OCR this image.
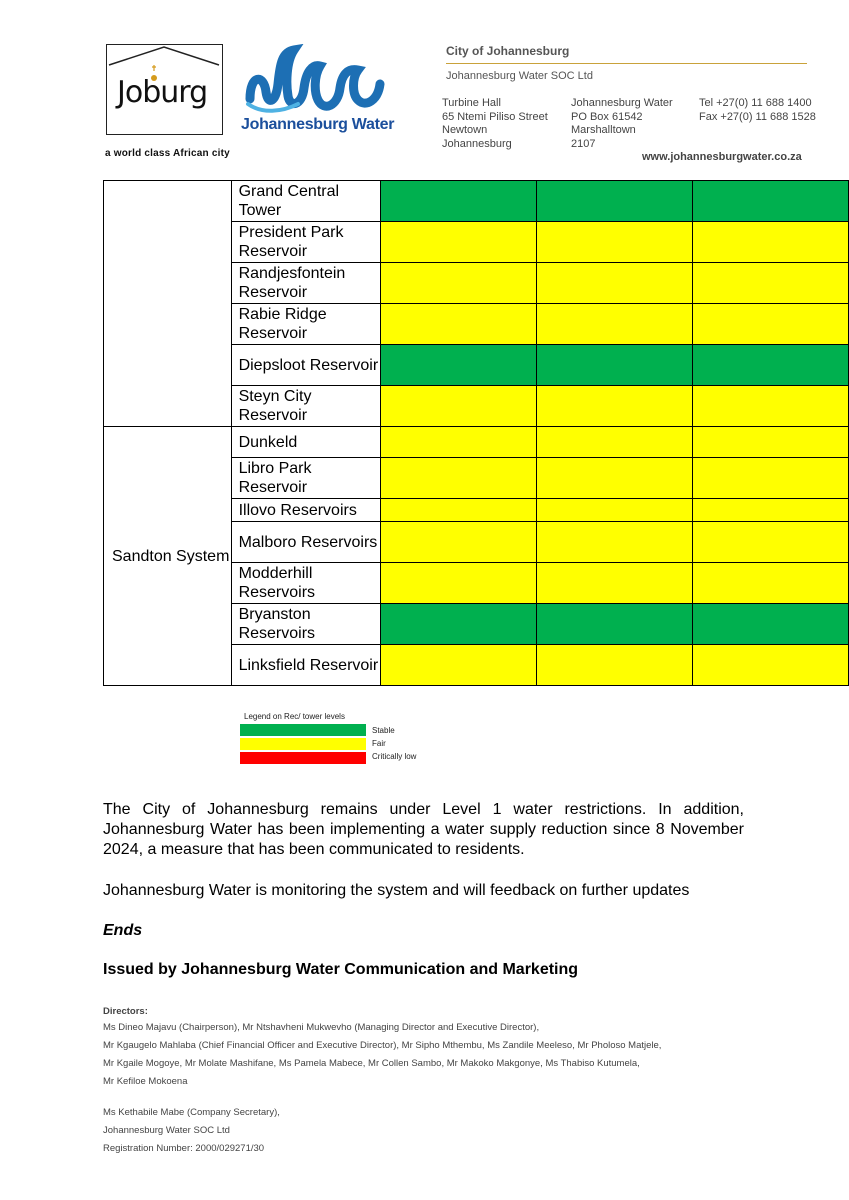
Joburg
a world class African city
Johannesburg Water
City of Johannesburg
Johannesburg Water SOC Ltd
Turbine Hall
65 Ntemi Piliso Street
Newtown
Johannesburg
Johannesburg Water
PO Box 61542
Marshalltown
2107
Tel +27(0) 11 688 1400
Fax +27(0) 11 688 1528
www.johannesburgwater.co.za
	Grand Central Tower			
	President Park Reservoir			
	Randjesfontein Reservoir			
	Rabie Ridge Reservoir			
	Diepsloot Reservoir			
	Steyn City Reservoir			
Sandton System	Dunkeld			
	Libro Park Reservoir			
	Illovo Reservoirs			
	Malboro Reservoirs			
	Modderhill Reservoirs			
	Bryanston Reservoirs			
	Linksfield Reservoir			
Legend on Rec/ tower levels
Stable
Fair
Critically low
The City of Johannesburg remains under Level 1 water restrictions. In addition, Johannesburg Water has been implementing a water supply reduction since 8 November 2024, a measure that has been communicated to residents.
Johannesburg Water is monitoring the system and will feedback on further updates
Ends
Issued by Johannesburg Water Communication and Marketing
Directors:
Ms Dineo Majavu (Chairperson), Mr Ntshavheni Mukwevho (Managing Director and Executive Director),
Mr Kgaugelo Mahlaba (Chief Financial Officer and Executive Director), Mr Sipho Mthembu, Ms Zandile Meeleso, Mr Pholoso Matjele,
Mr Kgaile Mogoye, Mr Molate Mashifane, Ms Pamela Mabece, Mr Collen Sambo, Mr Makoko Makgonye, Ms Thabiso Kutumela,
Mr Kefiloe Mokoena
Ms Kethabile Mabe (Company Secretary),
Johannesburg Water SOC Ltd
Registration Number: 2000/029271/30
